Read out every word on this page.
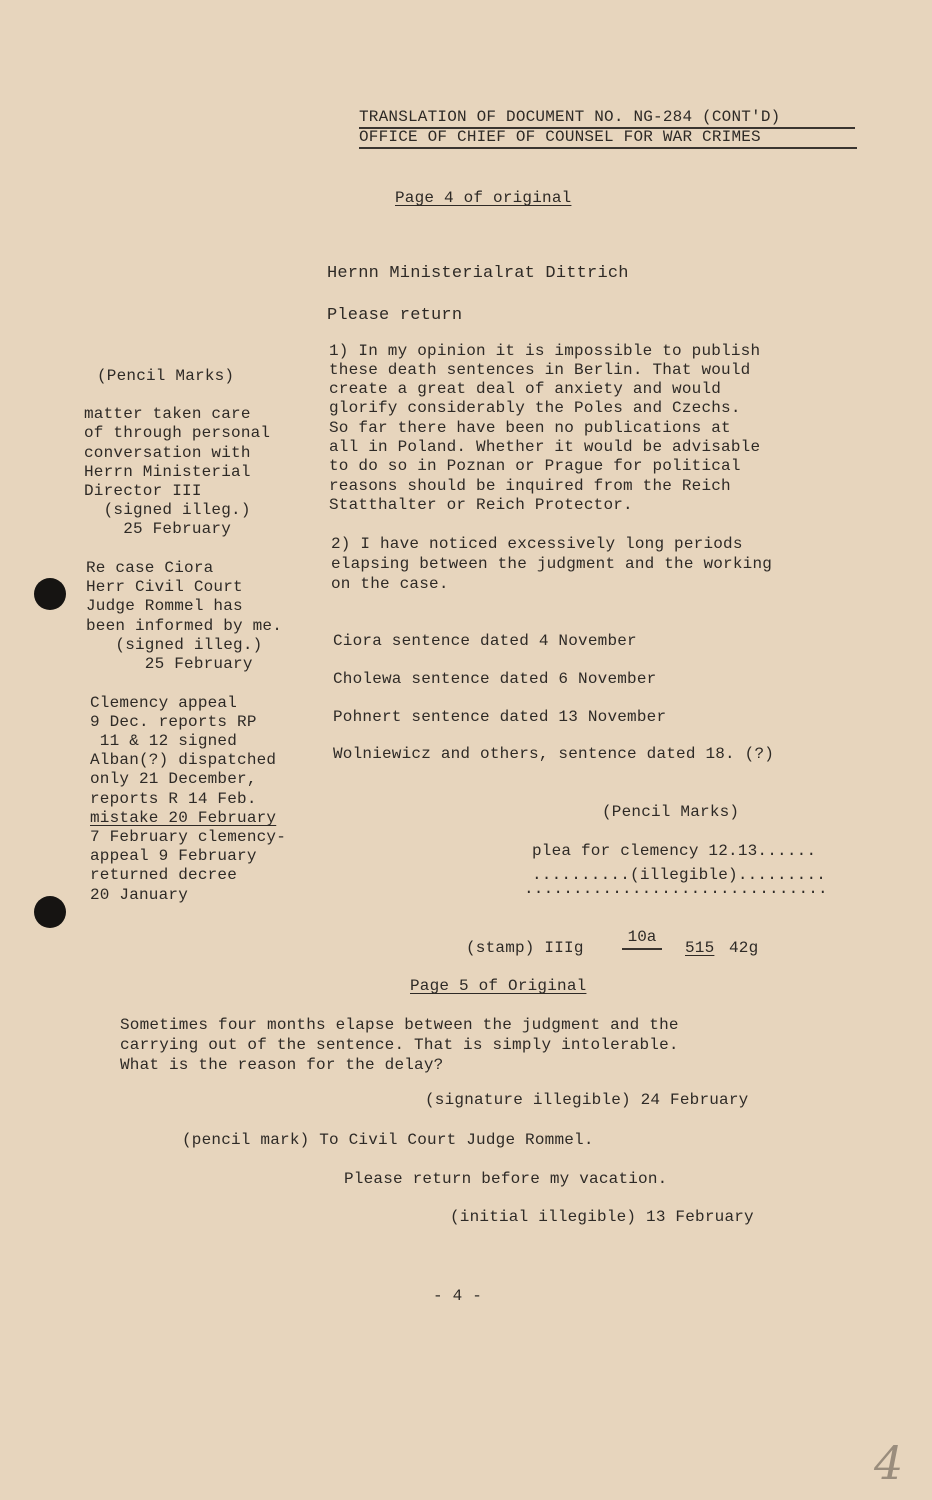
TRANSLATION OF DOCUMENT NO. NG-284 (CONT'D)
OFFICE OF CHIEF OF COUNSEL FOR WAR CRIMES
Page 4 of original
Hernn Ministerialrat Dittrich
Please return
1) In my opinion it is impossible to publish
these death sentences in Berlin. That would
create a great deal of anxiety and would
glorify considerably the Poles and Czechs.
So far there have been no publications at
all in Poland. Whether it would be advisable
to do so in Poznan or Prague for political
reasons should be inquired from the Reich
Statthalter or Reich Protector.
2) I have noticed excessively long periods
elapsing between the judgment and the working
on the case.
Ciora sentence dated 4 November
Cholewa sentence dated 6 November
Pohnert sentence dated 13 November
Wolniewicz and others, sentence dated 18. (?)
(Pencil Marks)
plea for clemency 12.13......
..........(illegible).........
...............................
(Pencil Marks)
matter taken care
of through personal
conversation with
Herrn Ministerial
Director III
(signed illeg.)
25 February
Re case Ciora
Herr Civil Court
Judge Rommel has
been informed by me.
(signed illeg.)
25 February
Clemency appeal
9 Dec. reports RP
11 & 12 signed
Alban(?) dispatched
only 21 December,
reports R 14 Feb.
mistake 20 February
7 February clemency-
appeal 9 February
returned decree
20 January
(stamp) IIIg
10a
515 42g
Page 5 of Original
Sometimes four months elapse between the judgment and the
carrying out of the sentence. That is simply intolerable.
What is the reason for the delay?
(signature illegible) 24 February
(pencil mark) To Civil Court Judge Rommel.
Please return before my vacation.
(initial illegible) 13 February
- 4 -
4
